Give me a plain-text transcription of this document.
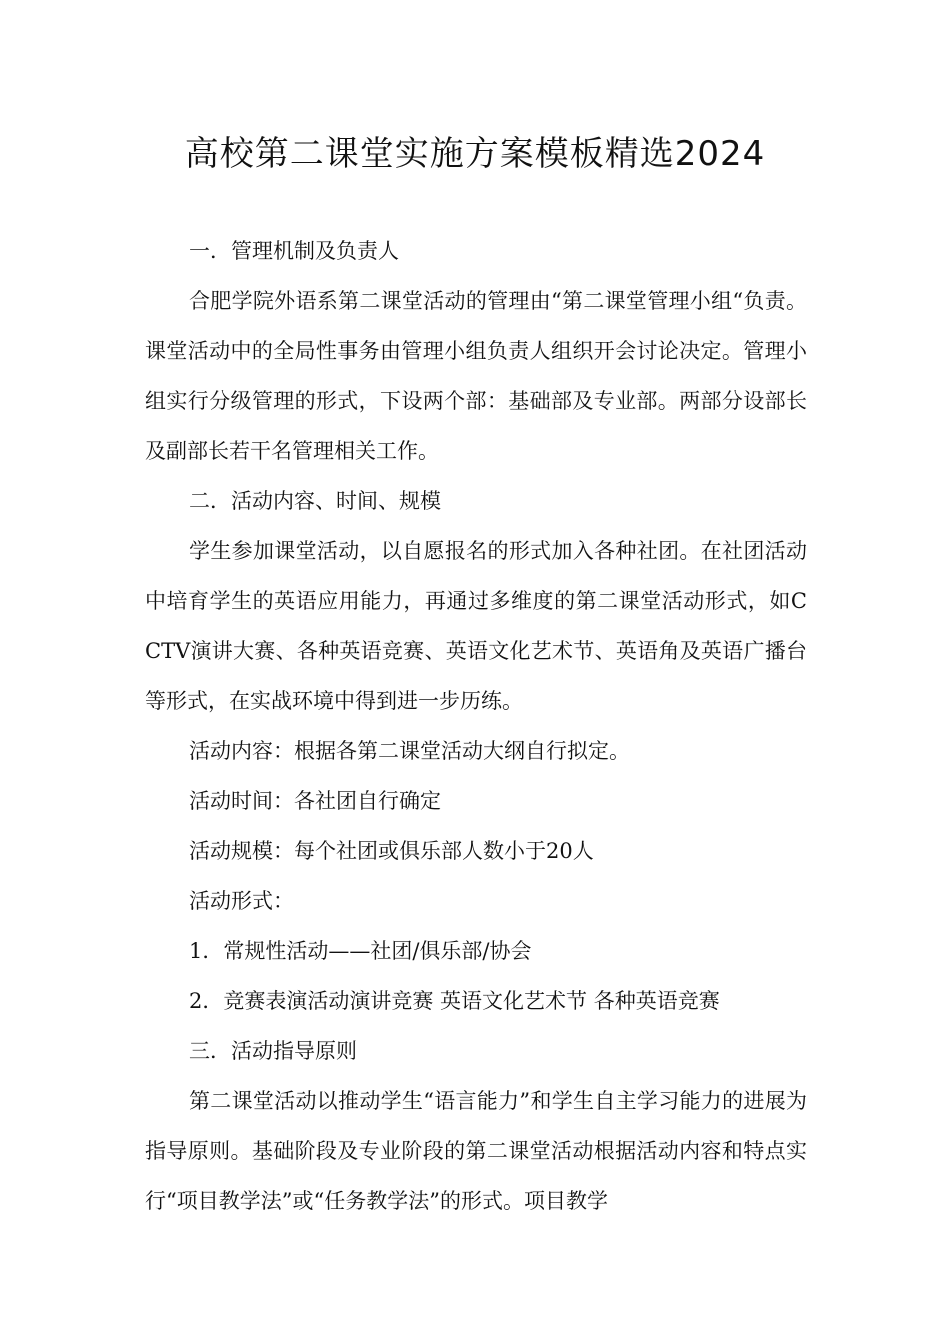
高校第二课堂实施方案模板精选2024

一．管理机制及负责人

合肥学院外语系第二课堂活动的管理由“第二课堂管理小组“负责。课堂活动中的全局性事务由管理小组负责人组织开会讨论决定。管理小组实行分级管理的形式，下设两个部：基础部及专业部。两部分设部长及副部长若干名管理相关工作。

二．活动内容、时间、规模

学生参加课堂活动，以自愿报名的形式加入各种社团。在社团活动中培育学生的英语应用能力，再通过多维度的第二课堂活动形式，如CCTV演讲大赛、各种英语竞赛、英语文化艺术节、英语角及英语广播台等形式，在实战环境中得到进一步历练。

活动内容：根据各第二课堂活动大纲自行拟定。

活动时间：各社团自行确定

活动规模：每个社团或俱乐部人数小于20人

活动形式：

1．常规性活动——社团/俱乐部/协会

2．竞赛表演活动演讲竞赛 英语文化艺术节 各种英语竞赛

三．活动指导原则

第二课堂活动以推动学生“语言能力”和学生自主学习能力的进展为指导原则。基础阶段及专业阶段的第二课堂活动根据活动内容和特点实行“项目教学法”或“任务教学法”的形式。项目教学
